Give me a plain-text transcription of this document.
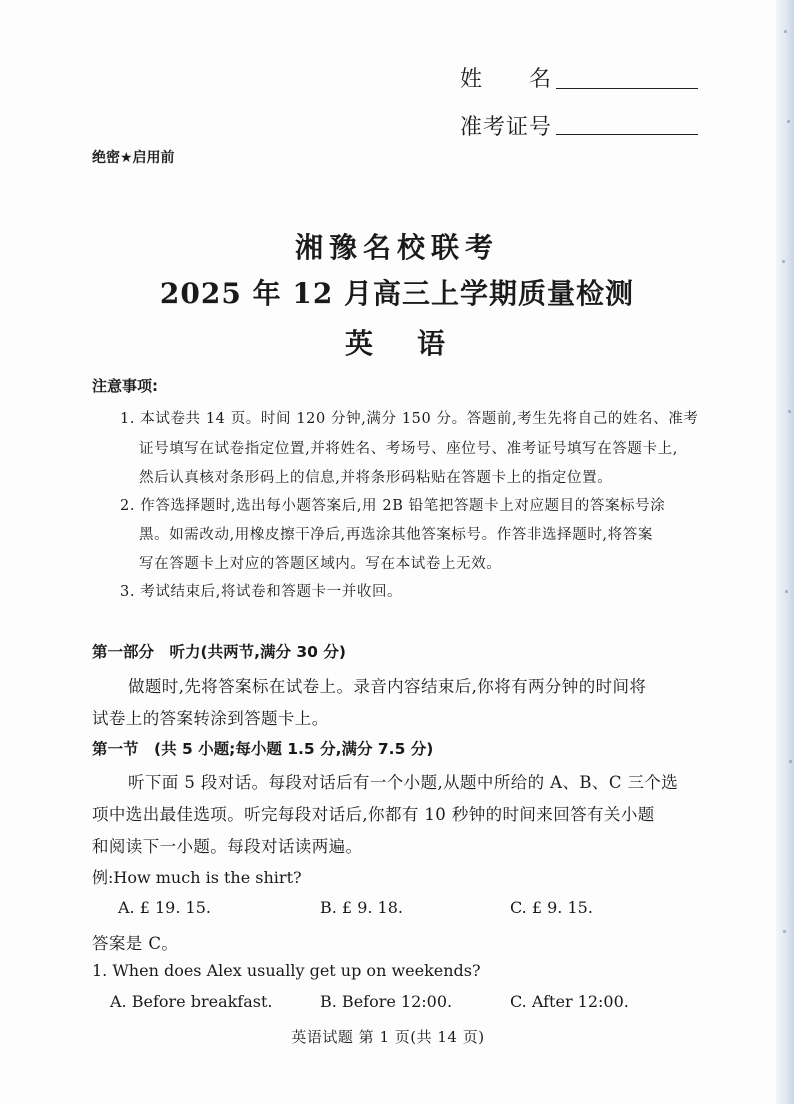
姓　　名
准考证号
绝密★启用前
湘豫名校联考
2025 年 12 月高三上学期质量检测
英语
注意事项:
1. 本试卷共 14 页。时间 120 分钟,满分 150 分。答题前,考生先将自己的姓名、准考
证号填写在试卷指定位置,并将姓名、考场号、座位号、准考证号填写在答题卡上,
然后认真核对条形码上的信息,并将条形码粘贴在答题卡上的指定位置。
2. 作答选择题时,选出每小题答案后,用 2B 铅笔把答题卡上对应题目的答案标号涂
黑。如需改动,用橡皮擦干净后,再选涂其他答案标号。作答非选择题时,将答案
写在答题卡上对应的答题区域内。写在本试卷上无效。
3. 考试结束后,将试卷和答题卡一并收回。
第一部分　听力(共两节,满分 30 分)
做题时,先将答案标在试卷上。录音内容结束后,你将有两分钟的时间将
试卷上的答案转涂到答题卡上。
第一节　(共 5 小题;每小题 1.5 分,满分 7.5 分)
听下面 5 段对话。每段对话后有一个小题,从题中所给的 A、B、C 三个选
项中选出最佳选项。听完每段对话后,你都有 10 秒钟的时间来回答有关小题
和阅读下一小题。每段对话读两遍。
例:How much is the shirt?
A. £ 19. 15.	B. £ 9. 18.	C. £ 9. 15.
答案是 C。
1. When does Alex usually get up on weekends?
A. Before breakfast.	B. Before 12:00.	C. After 12:00.
英语试题 第 1 页(共 14 页)
